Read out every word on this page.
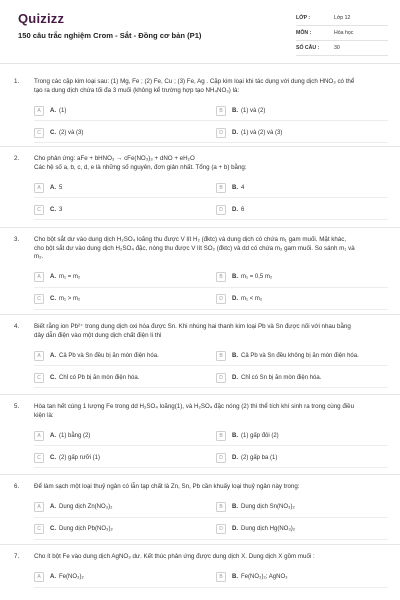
Quizizz
150 câu trắc nghiệm Crom - Sắt - Đồng cơ bản (P1)
LỚP :	Lớp 12
MÔN :	Hóa học
SỐ CÂU :	30
1. Trong các cặp kim loại sau: (1) Mg, Fe ; (2) Fe, Cu ; (3) Fe, Ag . Cặp kim loại khi tác dụng với dung dịch HNO₃ có thể
tạo ra dung dịch chứa tối đa 3 muối (không kể trường hợp tạo NH₄NO₃) là:
A	A. (1)	B	B. (1) và (2)
C	C. (2) và (3)	D	D. (1) và (2) và (3)
2. Cho phản ứng: aFe + bHNO₃ → cFe(NO₃)₃ + dNO + eH₂O
Các hệ số a, b, c, d, e là những số nguyên, đơn giản nhất. Tổng (a + b) bằng:
A	A. 5	B	B. 4
C	C. 3	D	D. 6
3. Cho bột sắt dư vào dung dịch H₂SO₄ loãng thu được V lít H₂ (đktc) và dung dịch có chứa m₁ gam muối. Mặt khác,
cho bột sắt dư vào dung dịch H₂SO₄ đặc, nóng thu được V lít SO₂ (đktc) và dd có chứa m₂ gam muối. So sánh m₁ và
m₂.
A	A. m₁ = m₂	B	B. m₁ = 0,5 m₂
C	C. m₁ > m₂	D	D. m₁ < m₂
4. Biết rằng ion Pb²⁺ trong dung dịch oxi hóa được Sn. Khi nhúng hai thanh kim loại Pb và Sn được nối với nhau bằng
dây dẫn điện vào một dung dịch chất điện li thì
A	A. Cả Pb và Sn đều bị ăn mòn điện hóa.	B	B. Cả Pb và Sn đều không bị ăn mòn điện hóa.
C	C. Chỉ có Pb bị ăn mòn điện hóa.	D	D. Chỉ có Sn bị ăn mòn điện hóa.
5. Hòa tan hết cùng 1 lượng Fe trong dd H₂SO₄ loãng(1), và H₂SO₄ đặc nóng (2) thì thể tích khí sinh ra trong cùng điều
kiện là:
A	A. (1) bằng (2)	B	B. (1) gấp đôi (2)
C	C. (2) gấp rưỡi (1)	D	D. (2) gấp ba (1)
6. Để làm sạch một loại thuỷ ngân có lẫn tạp chất là Zn, Sn, Pb cần khuấy loại thuỷ ngân này trong:
A	A. Dung dịch Zn(NO₃)₂	B	B. Dung dịch Sn(NO₃)₂
C	C. Dung dịch Pb(NO₃)₂	D	D. Dung dịch Hg(NO₃)₂
7. Cho ít bột Fe vào dung dịch AgNO₃ dư. Kết thúc phản ứng được dung dịch X. Dung dịch X gồm muối :
A	A. Fe(NO₃)₂	B	B. Fe(NO₃)₂; AgNO₃
